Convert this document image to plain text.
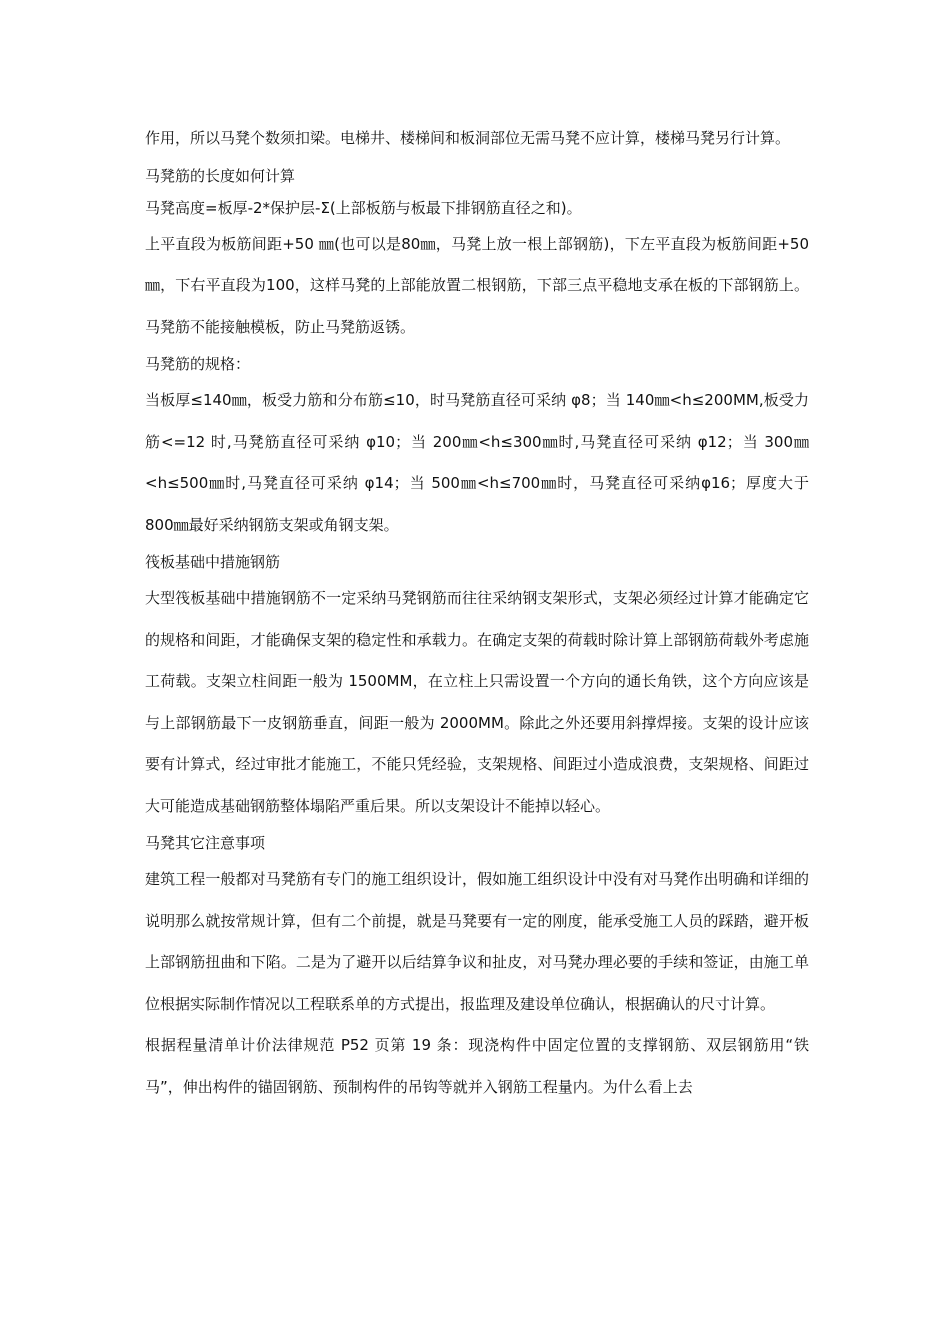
作用，所以马凳个数须扣梁。电梯井、楼梯间和板洞部位无需马凳不应计算，楼梯马凳另行计算。

马凳筋的长度如何计算

马凳高度=板厚-2*保护层-Σ(上部板筋与板最下排钢筋直径之和)。

上平直段为板筋间距+50 ㎜(也可以是80㎜，马凳上放一根上部钢筋)，下左平直段为板筋间距+50 ㎜，下右平直段为100，这样马凳的上部能放置二根钢筋，下部三点平稳地支承在板的下部钢筋上。马凳筋不能接触模板，防止马凳筋返锈。

马凳筋的规格：

当板厚≤140㎜，板受力筋和分布筋≤10，时马凳筋直径可采纳 φ8；当 140㎜<h≤200MM,板受力筋<=12 时,马凳筋直径可采纳 φ10；当 200㎜<h≤300㎜时,马凳直径可采纳 φ12；当 300㎜<h≤500㎜时,马凳直径可采纳 φ14；当 500㎜<h≤700㎜时，马凳直径可采纳φ16；厚度大于 800㎜最好采纳钢筋支架或角钢支架。

筏板基础中措施钢筋

大型筏板基础中措施钢筋不一定采纳马凳钢筋而往往采纳钢支架形式，支架必须经过计算才能确定它的规格和间距，才能确保支架的稳定性和承载力。在确定支架的荷载时除计算上部钢筋荷载外考虑施工荷载。支架立柱间距一般为 1500MM，在立柱上只需设置一个方向的通长角铁，这个方向应该是与上部钢筋最下一皮钢筋垂直，间距一般为 2000MM。除此之外还要用斜撑焊接。支架的设计应该要有计算式，经过审批才能施工，不能只凭经验，支架规格、间距过小造成浪费，支架规格、间距过大可能造成基础钢筋整体塌陷严重后果。所以支架设计不能掉以轻心。

马凳其它注意事项

建筑工程一般都对马凳筋有专门的施工组织设计，假如施工组织设计中没有对马凳作出明确和详细的说明那么就按常规计算，但有二个前提，就是马凳要有一定的刚度，能承受施工人员的踩踏，避开板上部钢筋扭曲和下陷。二是为了避开以后结算争议和扯皮，对马凳办理必要的手续和签证，由施工单位根据实际制作情况以工程联系单的方式提出，报监理及建设单位确认，根据确认的尺寸计算。

根据程量清单计价法律规范 P52 页第 19 条：现浇构件中固定位置的支撑钢筋、双层钢筋用“铁马”，伸出构件的锚固钢筋、预制构件的吊钩等就并入钢筋工程量内。为什么看上去
